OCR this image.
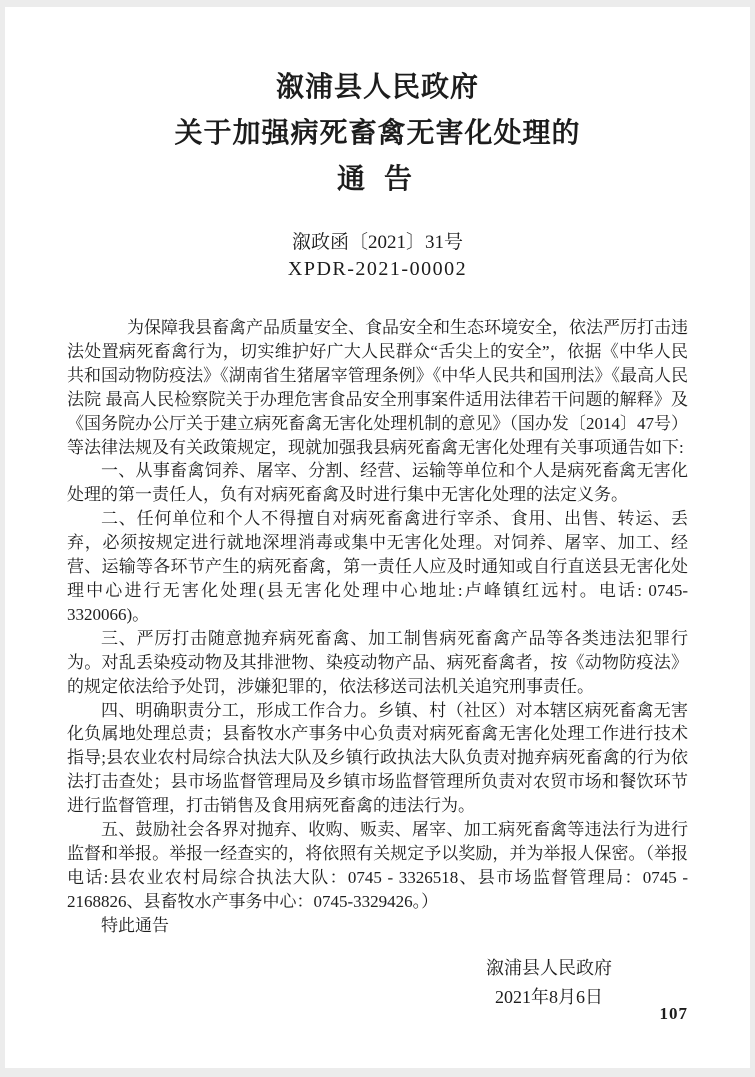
溆浦县人民政府
关于加强病死畜禽无害化处理的
通 告
溆政函〔2021〕31号
XPDR-2021-00002

为保障我县畜禽产品质量安全、食品安全和生态环境安全，依法严厉打击违法处置病死畜禽行为，切实维护好广大人民群众“舌尖上的安全”，依据《中华人民共和国动物防疫法》《湖南省生猪屠宰管理条例》《中华人民共和国刑法》《最高人民法院 最高人民检察院关于办理危害食品安全刑事案件适用法律若干问题的解释》及《国务院办公厅关于建立病死畜禽无害化处理机制的意见》（国办发〔2014〕47号）等法律法规及有关政策规定，现就加强我县病死畜禽无害化处理有关事项通告如下:

一、从事畜禽饲养、屠宰、分割、经营、运输等单位和个人是病死畜禽无害化处理的第一责任人，负有对病死畜禽及时进行集中无害化处理的法定义务。

二、任何单位和个人不得擅自对病死畜禽进行宰杀、食用、出售、转运、丢弃，必须按规定进行就地深埋消毒或集中无害化处理。对饲养、屠宰、加工、经营、运输等各环节产生的病死畜禽，第一责任人应及时通知或自行直送县无害化处理中心进行无害化处理(县无害化处理中心地址:卢峰镇红远村。电话: 0745-3320066)。

三、严厉打击随意抛弃病死畜禽、加工制售病死畜禽产品等各类违法犯罪行为。对乱丢染疫动物及其排泄物、染疫动物产品、病死畜禽者，按《动物防疫法》的规定依法给予处罚，涉嫌犯罪的，依法移送司法机关追究刑事责任。

四、明确职责分工，形成工作合力。乡镇、村（社区）对本辖区病死畜禽无害化负属地处理总责；县畜牧水产事务中心负责对病死畜禽无害化处理工作进行技术指导;县农业农村局综合执法大队及乡镇行政执法大队负责对抛弃病死畜禽的行为依法打击查处；县市场监督管理局及乡镇市场监督管理所负责对农贸市场和餐饮环节进行监督管理，打击销售及食用病死畜禽的违法行为。

五、鼓励社会各界对抛弃、收购、贩卖、屠宰、加工病死畜禽等违法行为进行监督和举报。举报一经查实的，将依照有关规定予以奖励，并为举报人保密。（举报电话:县农业农村局综合执法大队：0745 - 3326518、县市场监督管理局：0745 - 2168826、县畜牧水产事务中心：0745-3329426。）

特此通告

溆浦县人民政府
2021年8月6日
107
